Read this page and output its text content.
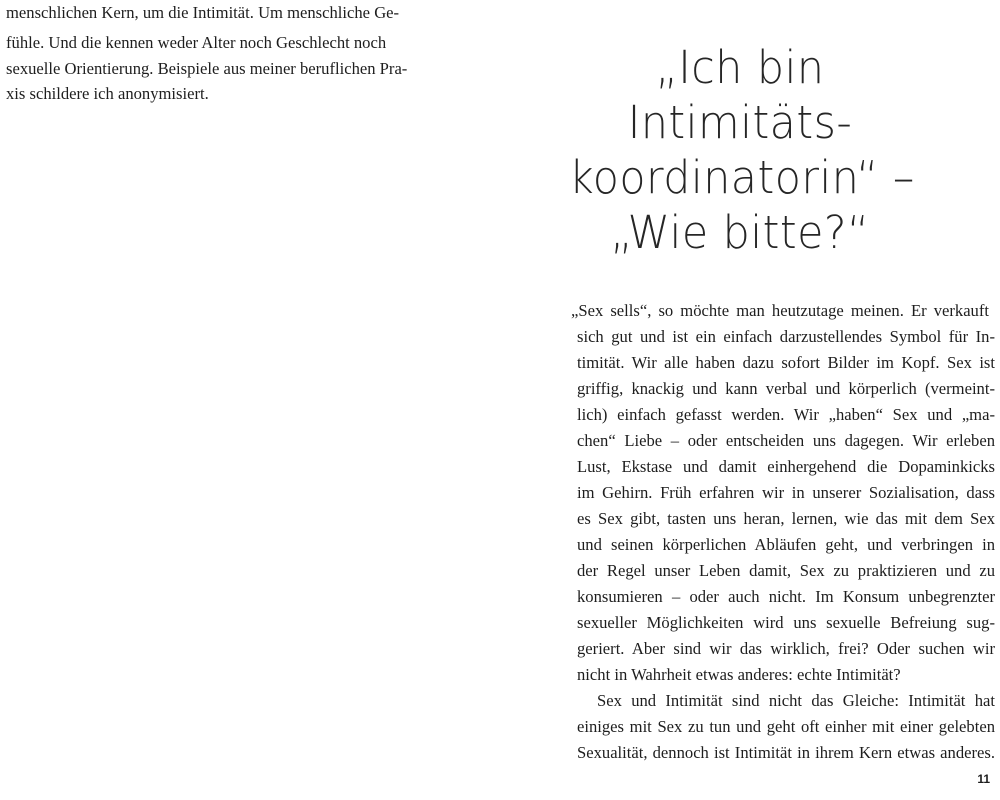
menschlichen Kern, um die Intimität. Um menschliche Ge-
fühle. Und die kennen weder Alter noch Geschlecht noch
sexuelle Orientierung. Beispiele aus meiner beruflichen Pra-
xis schildere ich anonymisiert.	„Ich bin
Intimitäts-
koordinatorin“ –
„Wie bitte?“
„Sex sells“, so möchte man heutzutage meinen. Er verkauft
sich gut und ist ein einfach darzustellendes Symbol für In-
timität. Wir alle haben dazu sofort Bilder im Kopf. Sex ist
griffig, knackig und kann verbal und körperlich (vermeint-
lich) einfach gefasst werden. Wir „haben“ Sex und „ma-
chen“ Liebe – oder entscheiden uns dagegen. Wir erleben
Lust, Ekstase und damit einhergehend die Dopaminkicks
im Gehirn. Früh erfahren wir in unserer Sozialisation, dass
es Sex gibt, tasten uns heran, lernen, wie das mit dem Sex
und seinen körperlichen Abläufen geht, und verbringen in
der Regel unser Leben damit, Sex zu praktizieren und zu
konsumieren – oder auch nicht. Im Konsum unbegrenzter
sexueller Möglichkeiten wird uns sexuelle Befreiung sug-
geriert. Aber sind wir das wirklich, frei? Oder suchen wir
nicht in Wahrheit etwas anderes: echte Intimität?
Sex und Intimität sind nicht das Gleiche: Intimität hat
einiges mit Sex zu tun und geht oft einher mit einer gelebten
Sexualität, dennoch ist Intimität in ihrem Kern etwas anderes.
11
